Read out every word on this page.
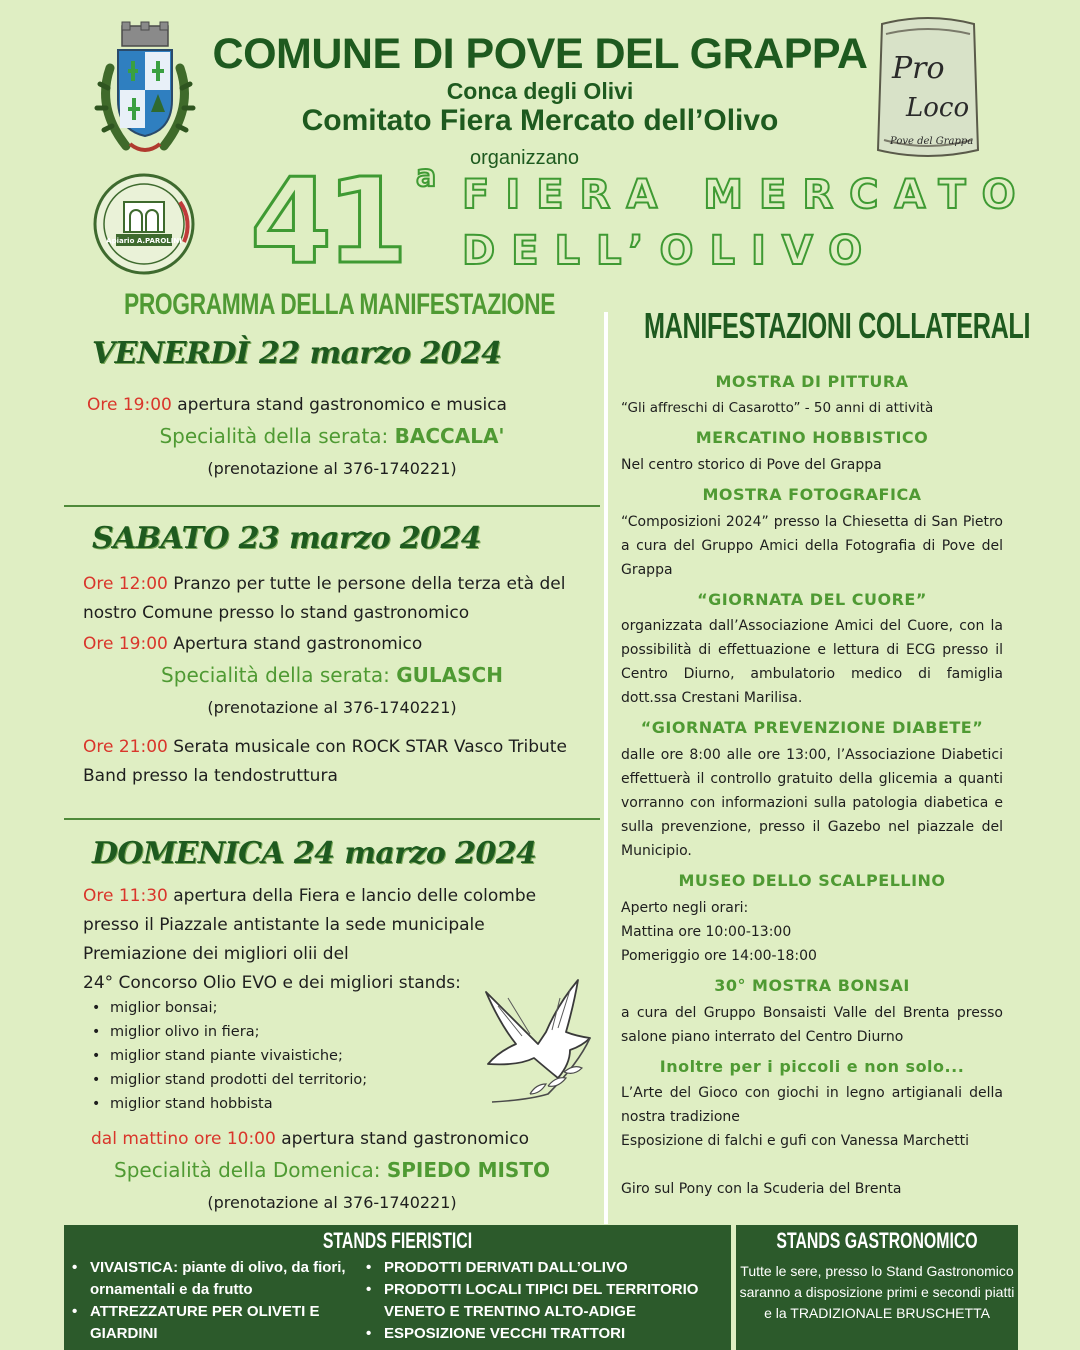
Pro
Loco
Pove del Grappa
Apiario A.PAROLINI
COMUNE DI POVE DEL GRAPPA
Conca degli Olivi
Comitato Fiera Mercato dell’Olivo
organizzano
41 a FIERA MERCATO
DELL’OLIVO
PROGRAMMA DELLA MANIFESTAZIONE
VENERDÌ 22 marzo 2024
Ore 19:00 apertura stand gastronomico e musica
Specialità della serata: BACCALA'
(prenotazione al 376-1740221)
SABATO 23 marzo 2024
Ore 12:00 Pranzo per tutte le persone della terza età del nostro Comune presso lo stand gastronomico
Ore 19:00 Apertura stand gastronomico
Specialità della serata: GULASCH
(prenotazione al 376-1740221)
Ore 21:00 Serata musicale con ROCK STAR Vasco Tribute Band presso la tendostruttura
DOMENICA 24 marzo 2024
Ore 11:30 apertura della Fiera e lancio delle colombe
presso il Piazzale antistante la sede municipale
Premiazione dei migliori olii del
24° Concorso Olio EVO e dei migliori stands:
• miglior bonsai;
• miglior olivo in fiera;
• miglior stand piante vivaistiche;
• miglior stand prodotti del territorio;
• miglior stand hobbista
dal mattino ore 10:00 apertura stand gastronomico
Specialità della Domenica: SPIEDO MISTO
(prenotazione al 376-1740221)
MANIFESTAZIONI COLLATERALI
MOSTRA DI PITTURA
“Gli affreschi di Casarotto” - 50 anni di attività
MERCATINO HOBBISTICO
Nel centro storico di Pove del Grappa
MOSTRA FOTOGRAFICA
“Composizioni 2024” presso la Chiesetta di San Pietro a cura del Gruppo Amici della Fotografia di Pove del Grappa
“GIORNATA DEL CUORE”
organizzata dall’Associazione Amici del Cuore, con la possibilità di effettuazione e lettura di ECG presso il Centro Diurno, ambulatorio medico di famiglia dott.ssa Crestani Marilisa.
“GIORNATA PREVENZIONE DIABETE”
dalle ore 8:00 alle ore 13:00, l’Associazione Diabetici effettuerà il controllo gratuito della glicemia a quanti vorranno con informazioni sulla patologia diabetica e sulla prevenzione, presso il Gazebo nel piazzale del Municipio.
MUSEO DELLO SCALPELLINO
Aperto negli orari:
Mattina ore 10:00-13:00
Pomeriggio ore 14:00-18:00
30° MOSTRA BONSAI
a cura del Gruppo Bonsaisti Valle del Brenta presso salone piano interrato del Centro Diurno
Inoltre per i piccoli e non solo...
L’Arte del Gioco con giochi in legno artigianali della nostra tradizione
Esposizione di falchi e gufi con Vanessa Marchetti
Giro sul Pony con la Scuderia del Brenta
STANDS FIERISTICI
• VIVAISTICA: piante di olivo, da fiori, ornamentali e da frutto
• ATTREZZATURE PER OLIVETI E GIARDINI
• PRODOTTI DERIVATI DALL’OLIVO
• PRODOTTI LOCALI TIPICI DEL TERRITORIO VENETO E TRENTINO ALTO-ADIGE
• ESPOSIZIONE VECCHI TRATTORI
STANDS GASTRONOMICO
Tutte le sere, presso lo Stand Gastronomico saranno a disposizione primi e secondi piatti e la TRADIZIONALE BRUSCHETTA
